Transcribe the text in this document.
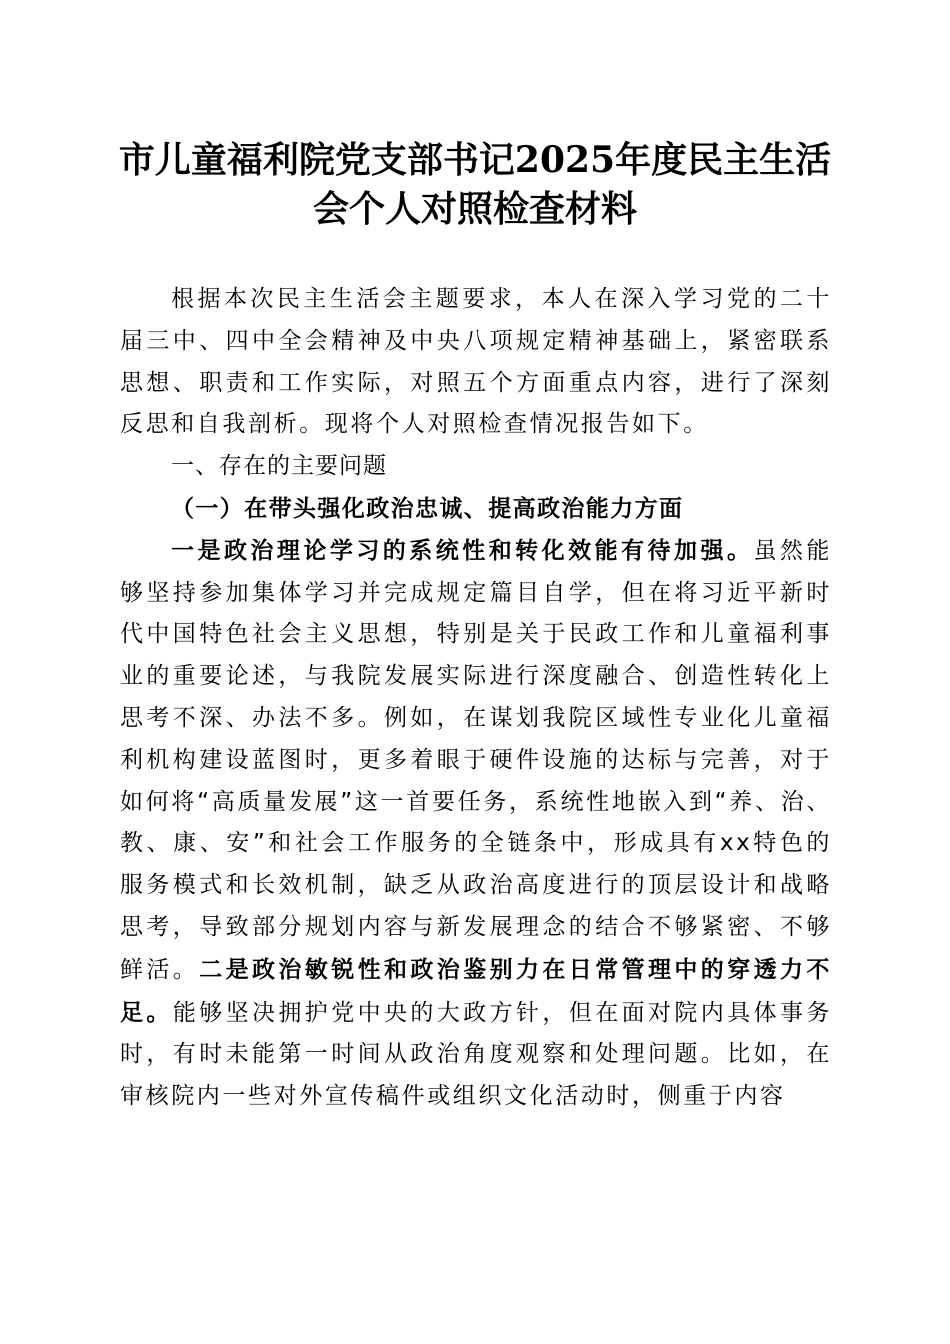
市儿童福利院党支部书记2025年度民主生活
会个人对照检查材料

根据本次民主生活会主题要求，本人在深入学习党的二十届三中、四中全会精神及中央八项规定精神基础上，紧密联系思想、职责和工作实际，对照五个方面重点内容，进行了深刻反思和自我剖析。现将个人对照检查情况报告如下。

一、存在的主要问题

（一）在带头强化政治忠诚、提高政治能力方面

一是政治理论学习的系统性和转化效能有待加强。虽然能够坚持参加集体学习并完成规定篇目自学，但在将习近平新时代中国特色社会主义思想，特别是关于民政工作和儿童福利事业的重要论述，与我院发展实际进行深度融合、创造性转化上思考不深、办法不多。例如，在谋划我院区域性专业化儿童福利机构建设蓝图时，更多着眼于硬件设施的达标与完善，对于如何将“高质量发展”这一首要任务，系统性地嵌入到“养、治、教、康、安”和社会工作服务的全链条中，形成具有xx特色的服务模式和长效机制，缺乏从政治高度进行的顶层设计和战略思考，导致部分规划内容与新发展理念的结合不够紧密、不够鲜活。二是政治敏锐性和政治鉴别力在日常管理中的穿透力不足。能够坚决拥护党中央的大政方针，但在面对院内具体事务时，有时未能第一时间从政治角度观察和处理问题。比如，在审核院内一些对外宣传稿件或组织文化活动时，侧重于内容
